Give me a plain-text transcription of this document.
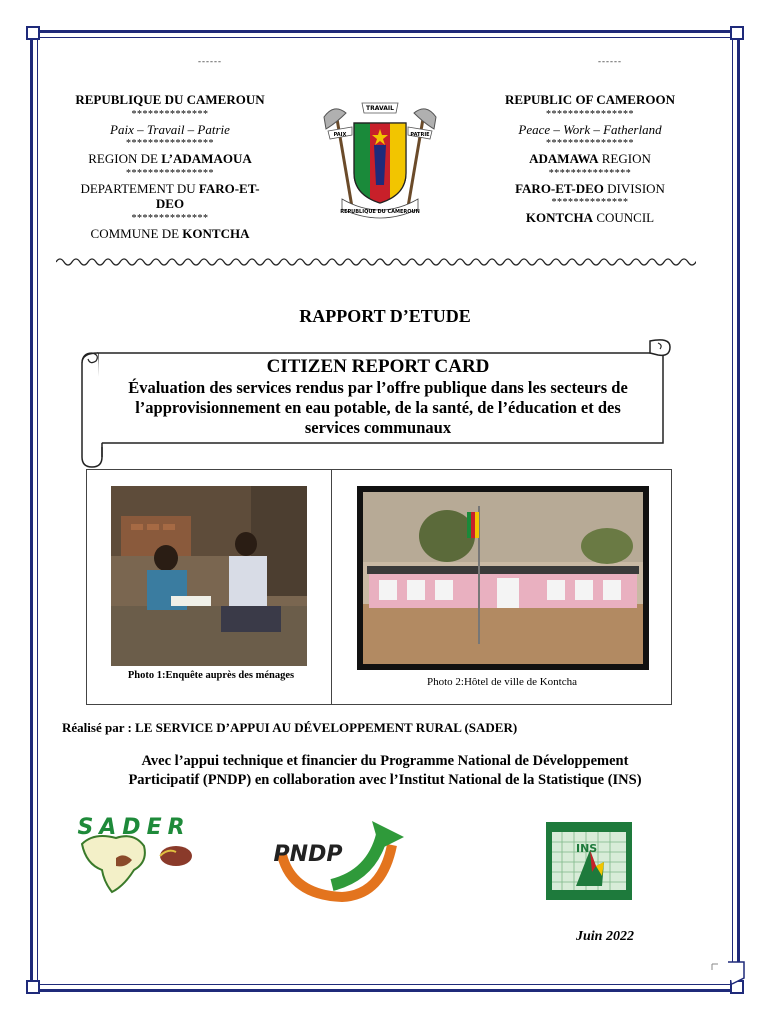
------	------
REPUBLIQUE DU CAMEROUN
**************
Paix – Travail – Patrie
****************
REGION DE L’ADAMAOUA
****************
DEPARTEMENT DU FARO-ET-
DEO
**************
COMMUNE DE KONTCHA
REPUBLIC OF CAMEROON
****************
Peace – Work – Fatherland
****************
ADAMAWA REGION
***************
FARO-ET-DEO DIVISION
**************
KONTCHA COUNCIL
TRAVAIL
PAIX	PATRIE
REPUBLIQUE DU CAMEROUN
RAPPORT D’ETUDE
CITIZEN REPORT CARD
Évaluation des services rendus par l’offre publique dans les secteurs de l’approvisionnement en eau potable, de la santé, de l’éducation et des services communaux
Photo 1:Enquête auprès des ménages
Photo 2:Hôtel de ville de Kontcha
Réalisé par : LE SERVICE D’APPUI AU DÉVELOPPEMENT RURAL (SADER)
Avec l’appui technique et financier du Programme National de Développement
Participatif (PNDP) en collaboration avec l’Institut National de la Statistique (INS)
SADER
PNDP	INS
Juin 2022
